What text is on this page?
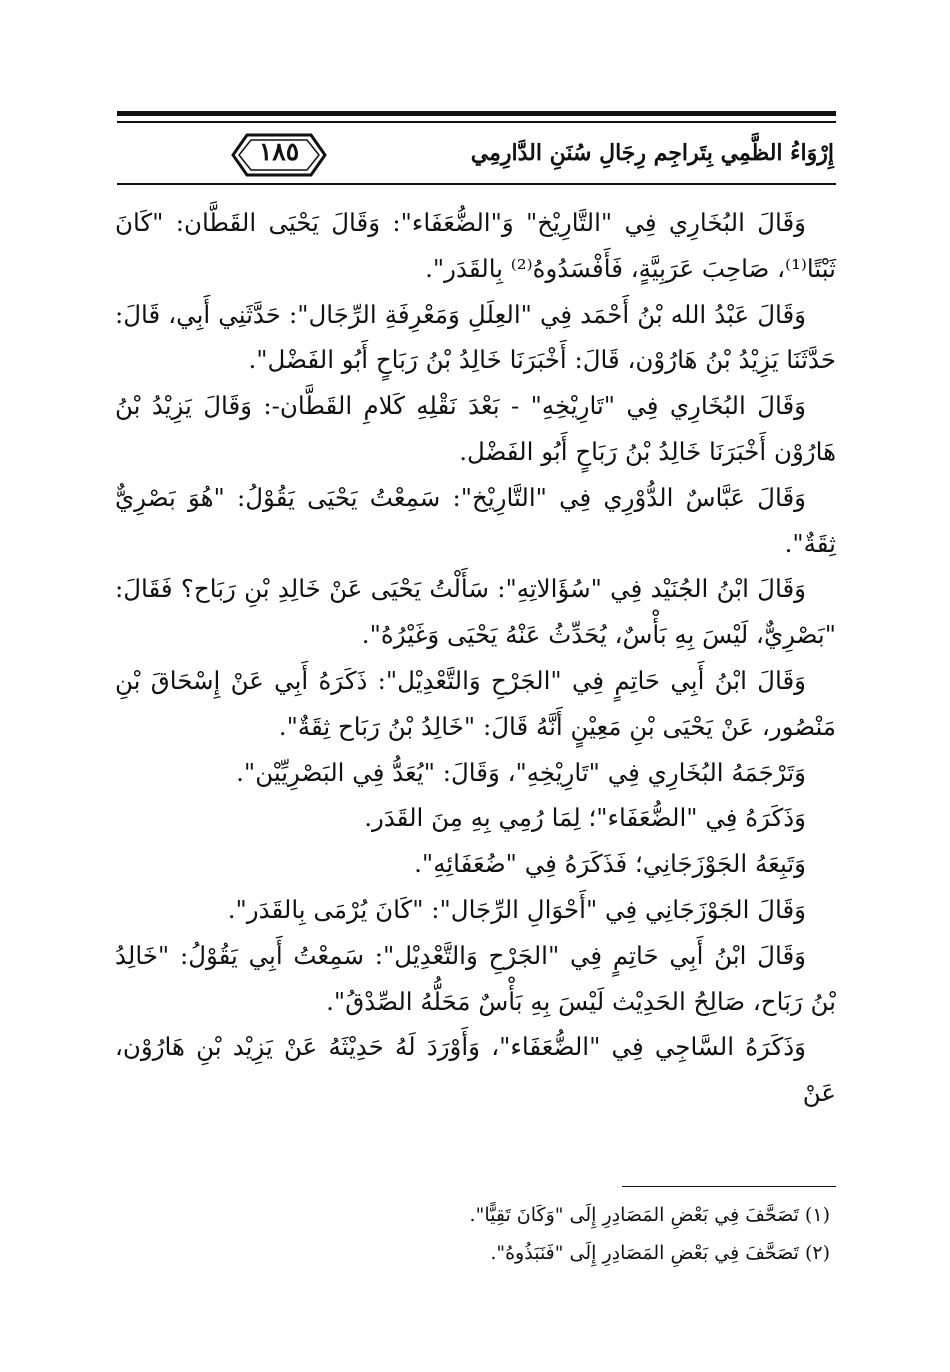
١٨٥	إِرْوَاءُ الظَّمِي بِتَراجِم رِجَالِ سُنَنِ الدَّارِمِي

وَقَالَ البُخَارِي فِي "التَّارِيْخ" وَ"الضُّعَفَاء": وَقَالَ يَحْيَى القَطَّان: "كَانَ ثَبْتًا⁽¹⁾، صَاحِبَ عَرَبِيَّةٍ، فَأَفْسَدُوهُ⁽²⁾ بِالقَدَر".

وَقَالَ عَبْدُ الله بْنُ أَحْمَد فِي "العِلَلِ وَمَعْرِفَةِ الرِّجَال": حَدَّثَنِي أَبِي، قَالَ: حَدَّثَنَا يَزِيْدُ بْنُ هَارُوْن، قَالَ: أَخْبَرَنَا خَالِدُ بْنُ رَبَاحٍ أَبُو الفَضْل".

وَقَالَ البُخَارِي فِي "تَارِيْخِهِ" - بَعْدَ نَقْلِهِ كَلامِ القَطَّان-: وَقَالَ يَزِيْدُ بْنُ هَارُوْن أَخْبَرَنَا خَالِدُ بْنُ رَبَاحٍ أَبُو الفَضْل.

وَقَالَ عَبَّاسٌ الدُّوْرِي فِي "التَّارِيْخ": سَمِعْتُ يَحْيَى يَقُوْلُ: "هُوَ بَصْرِيٌّ ثِقَةٌ".

وَقَالَ ابْنُ الجُنَيْد فِي "سُؤَالاتِهِ": سَأَلْتُ يَحْيَى عَنْ خَالِدِ بْنِ رَبَاح؟ فَقَالَ: "بَصْرِيٌّ، لَيْسَ بِهِ بَأْسٌ، يُحَدِّثُ عَنْهُ يَحْيَى وَغَيْرُهُ".

وَقَالَ ابْنُ أَبِي حَاتِمٍ فِي "الجَرْحِ وَالتَّعْدِيْل": ذَكَرَهُ أَبِي عَنْ إِسْحَاقَ بْنِ مَنْصُور، عَنْ يَحْيَى بْنِ مَعِيْنٍ أَنَّهُ قَالَ: "خَالِدُ بْنُ رَبَاح ثِقَةٌ".

وَتَرْجَمَهُ البُخَارِي فِي "تَارِيْخِهِ"، وَقَالَ: "يُعَدُّ فِي البَصْرِيِّيْن".

وَذَكَرَهُ فِي "الضُّعَفَاء"؛ لِمَا رُمِي بِهِ مِنَ القَدَر.

وَتَبِعَهُ الجَوْزَجَانِي؛ فَذَكَرَهُ فِي "ضُعَفَائِهِ".

وَقَالَ الجَوْزَجَانِي فِي "أَحْوَالِ الرِّجَال": "كَانَ يُرْمَى بِالقَدَر".

وَقَالَ ابْنُ أَبِي حَاتِمٍ فِي "الجَرْحِ وَالتَّعْدِيْل": سَمِعْتُ أَبِي يَقُوْلُ: "خَالِدُ بْنُ رَبَاح، صَالِحُ الحَدِيْث لَيْسَ بِهِ بَأْسٌ مَحَلُّهُ الصِّدْقُ".

وَذَكَرَهُ السَّاجِي فِي "الضُّعَفَاء"، وَأَوْرَدَ لَهُ حَدِيْثَهُ عَنْ يَزِيْد بْنِ هَارُوْن، عَنْ

(١) تَصَحَّفَ فِي بَعْضِ المَصَادِرِ إِلَى "وَكَانَ تَقِيًّا".

(٢) تَصَحَّفَ فِي بَعْضِ المَصَادِرِ إِلَى "فَنَبَذُوهُ".
